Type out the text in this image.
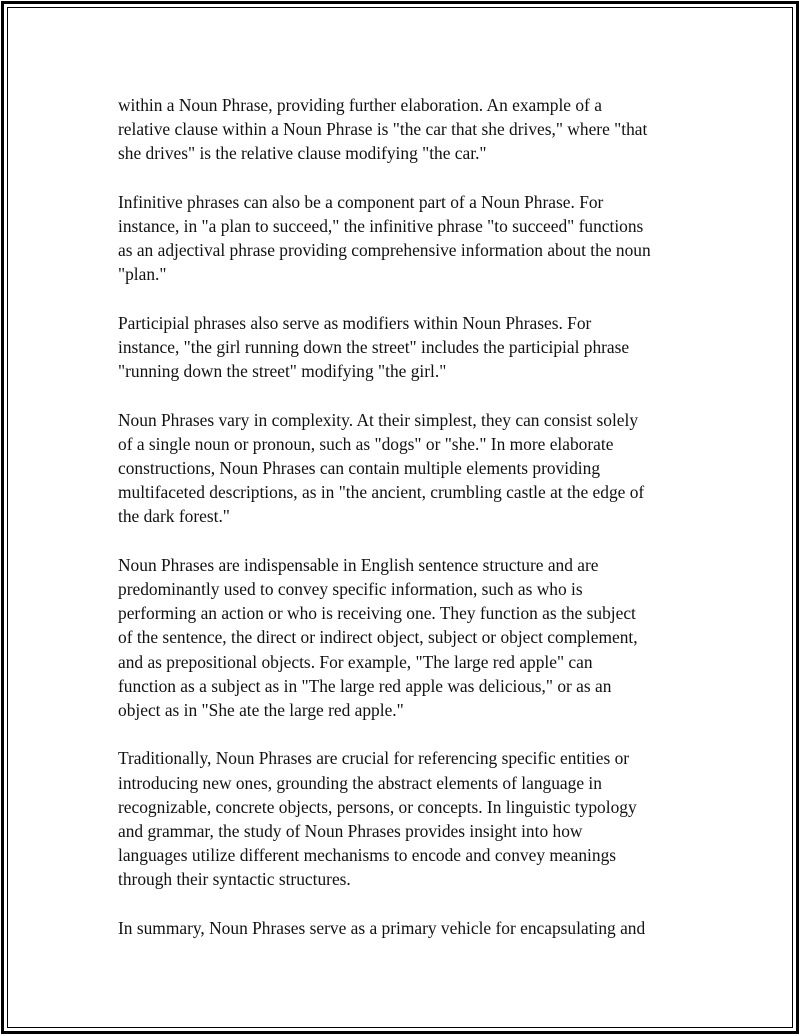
within a Noun Phrase, providing further elaboration. An example of a
relative clause within a Noun Phrase is "the car that she drives," where "that
she drives" is the relative clause modifying "the car."

Infinitive phrases can also be a component part of a Noun Phrase. For
instance, in "a plan to succeed," the infinitive phrase "to succeed" functions
as an adjectival phrase providing comprehensive information about the noun
"plan."

Participial phrases also serve as modifiers within Noun Phrases. For
instance, "the girl running down the street" includes the participial phrase
"running down the street" modifying "the girl."

Noun Phrases vary in complexity. At their simplest, they can consist solely
of a single noun or pronoun, such as "dogs" or "she." In more elaborate
constructions, Noun Phrases can contain multiple elements providing
multifaceted descriptions, as in "the ancient, crumbling castle at the edge of
the dark forest."

Noun Phrases are indispensable in English sentence structure and are
predominantly used to convey specific information, such as who is
performing an action or who is receiving one. They function as the subject
of the sentence, the direct or indirect object, subject or object complement,
and as prepositional objects. For example, "The large red apple" can
function as a subject as in "The large red apple was delicious," or as an
object as in "She ate the large red apple."

Traditionally, Noun Phrases are crucial for referencing specific entities or
introducing new ones, grounding the abstract elements of language in
recognizable, concrete objects, persons, or concepts. In linguistic typology
and grammar, the study of Noun Phrases provides insight into how
languages utilize different mechanisms to encode and convey meanings
through their syntactic structures.

In summary, Noun Phrases serve as a primary vehicle for encapsulating and
